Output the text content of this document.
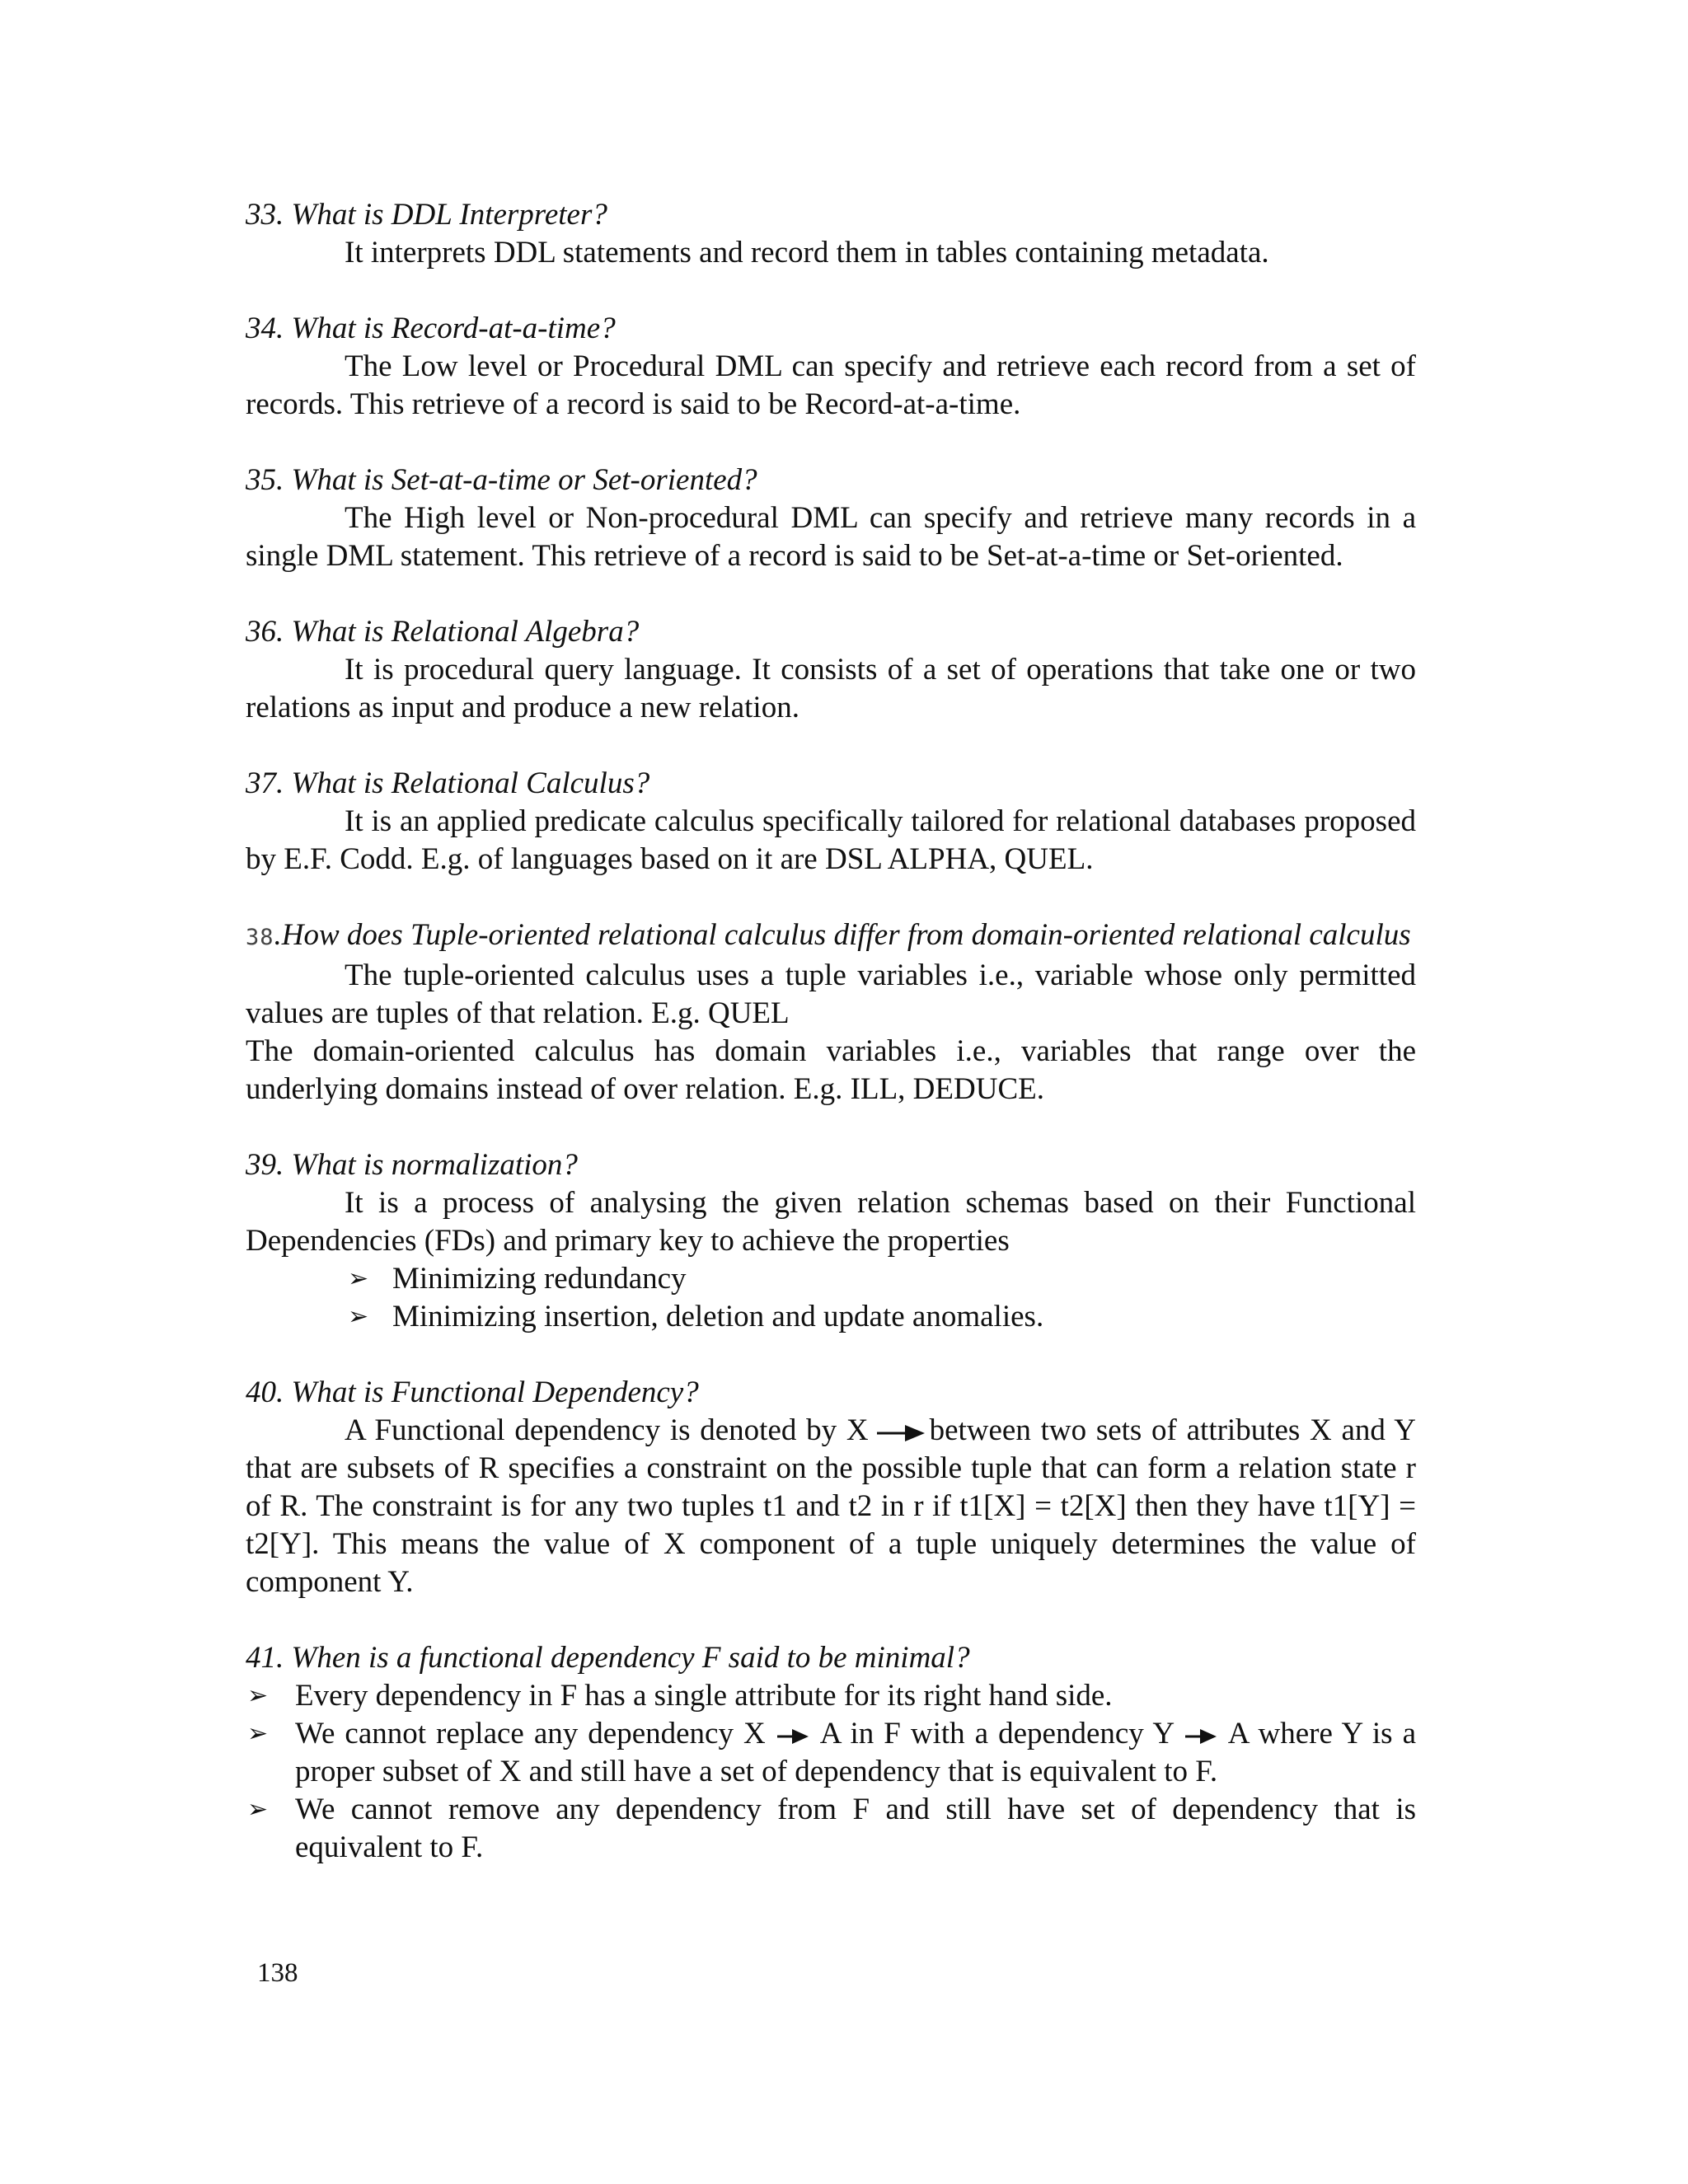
33. What is DDL Interpreter?

It interprets DDL statements and record them in tables containing metadata.

34. What is Record-at-a-time?

The Low level or Procedural DML can specify and retrieve each record from a set of records. This retrieve of a record is said to be Record-at-a-time.

35. What is Set-at-a-time or Set-oriented?

The High level or Non-procedural DML can specify and retrieve many records in a single DML statement. This retrieve of a record is said to be Set-at-a-time or Set-oriented.

36. What is Relational Algebra?

It is procedural query language. It consists of a set of operations that take one or two relations as input and produce a new relation.

37. What is Relational Calculus?

It is an applied predicate calculus specifically tailored for relational databases proposed by E.F. Codd. E.g. of languages based on it are DSL ALPHA, QUEL.

38.How does Tuple-oriented relational calculus differ from domain-oriented relational calculus

The tuple-oriented calculus uses a tuple variables i.e., variable whose only permitted values are tuples of that relation. E.g. QUEL

The domain-oriented calculus has domain variables i.e., variables that range over the underlying domains instead of over relation. E.g. ILL, DEDUCE.

39. What is normalization?

It is a process of analysing the given relation schemas based on their Functional Dependencies (FDs) and primary key to achieve the properties

➢ Minimizing redundancy
➢ Minimizing insertion, deletion and update anomalies.

40. What is Functional Dependency?

A Functional dependency is denoted by X between two sets of attributes X and Y that are subsets of R specifies a constraint on the possible tuple that can form a relation state r of R. The constraint is for any two tuples t1 and t2 in r if t1[X] = t2[X] then they have t1[Y] = t2[Y]. This means the value of X component of a tuple uniquely determines the value of component Y.

41. When is a functional dependency F said to be minimal?

➢ Every dependency in F has a single attribute for its right hand side.
➢ We cannot replace any dependency X A in F with a dependency Y A where Y is a proper subset of X and still have a set of dependency that is equivalent to F.
➢ We cannot remove any dependency from F and still have set of dependency that is equivalent to F.
138
